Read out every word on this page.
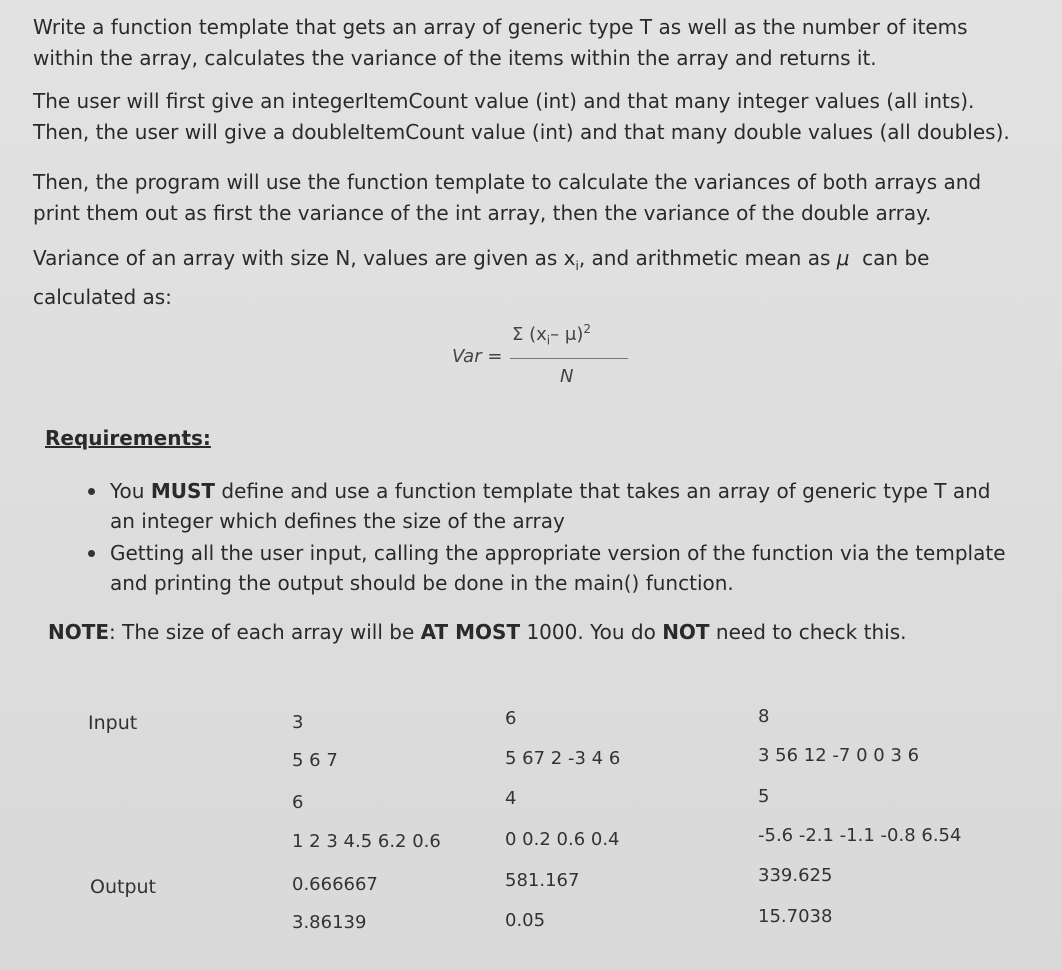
Write a function template that gets an array of generic type T as well as the number of items within the array, calculates the variance of the items within the array and returns it.

The user will first give an integerItemCount value (int) and that many integer values (all ints). Then, the user will give a doubleItemCount value (int) and that many double values (all doubles).

Then, the program will use the function template to calculate the variances of both arrays and print them out as first the variance of the int array, then the variance of the double array.

Variance of an array with size N, values are given as $x_i$, and arithmetic mean as μ  can be calculated as:

Var =
Σ ($x_i-$ μ)$^2$
N

Requirements:

You MUST define and use a function template that takes an array of generic type T and an integer which defines the size of the array
Getting all the user input, calling the appropriate version of the function via the template and printing the output should be done in the main() function.

NOTE: The size of each array will be AT MOST 1000. You do NOT need to check this.

Input
Output
3
5 6 7
6
1 2 3 4.5 6.2 0.6
0.666667
3.86139
6
5 67 2 -3 4 6
4
0 0.2 0.6 0.4
581.167
0.05
8
3 56 12 -7 0 0 3 6
5
-5.6 -2.1 -1.1 -0.8 6.54
339.625
15.7038
